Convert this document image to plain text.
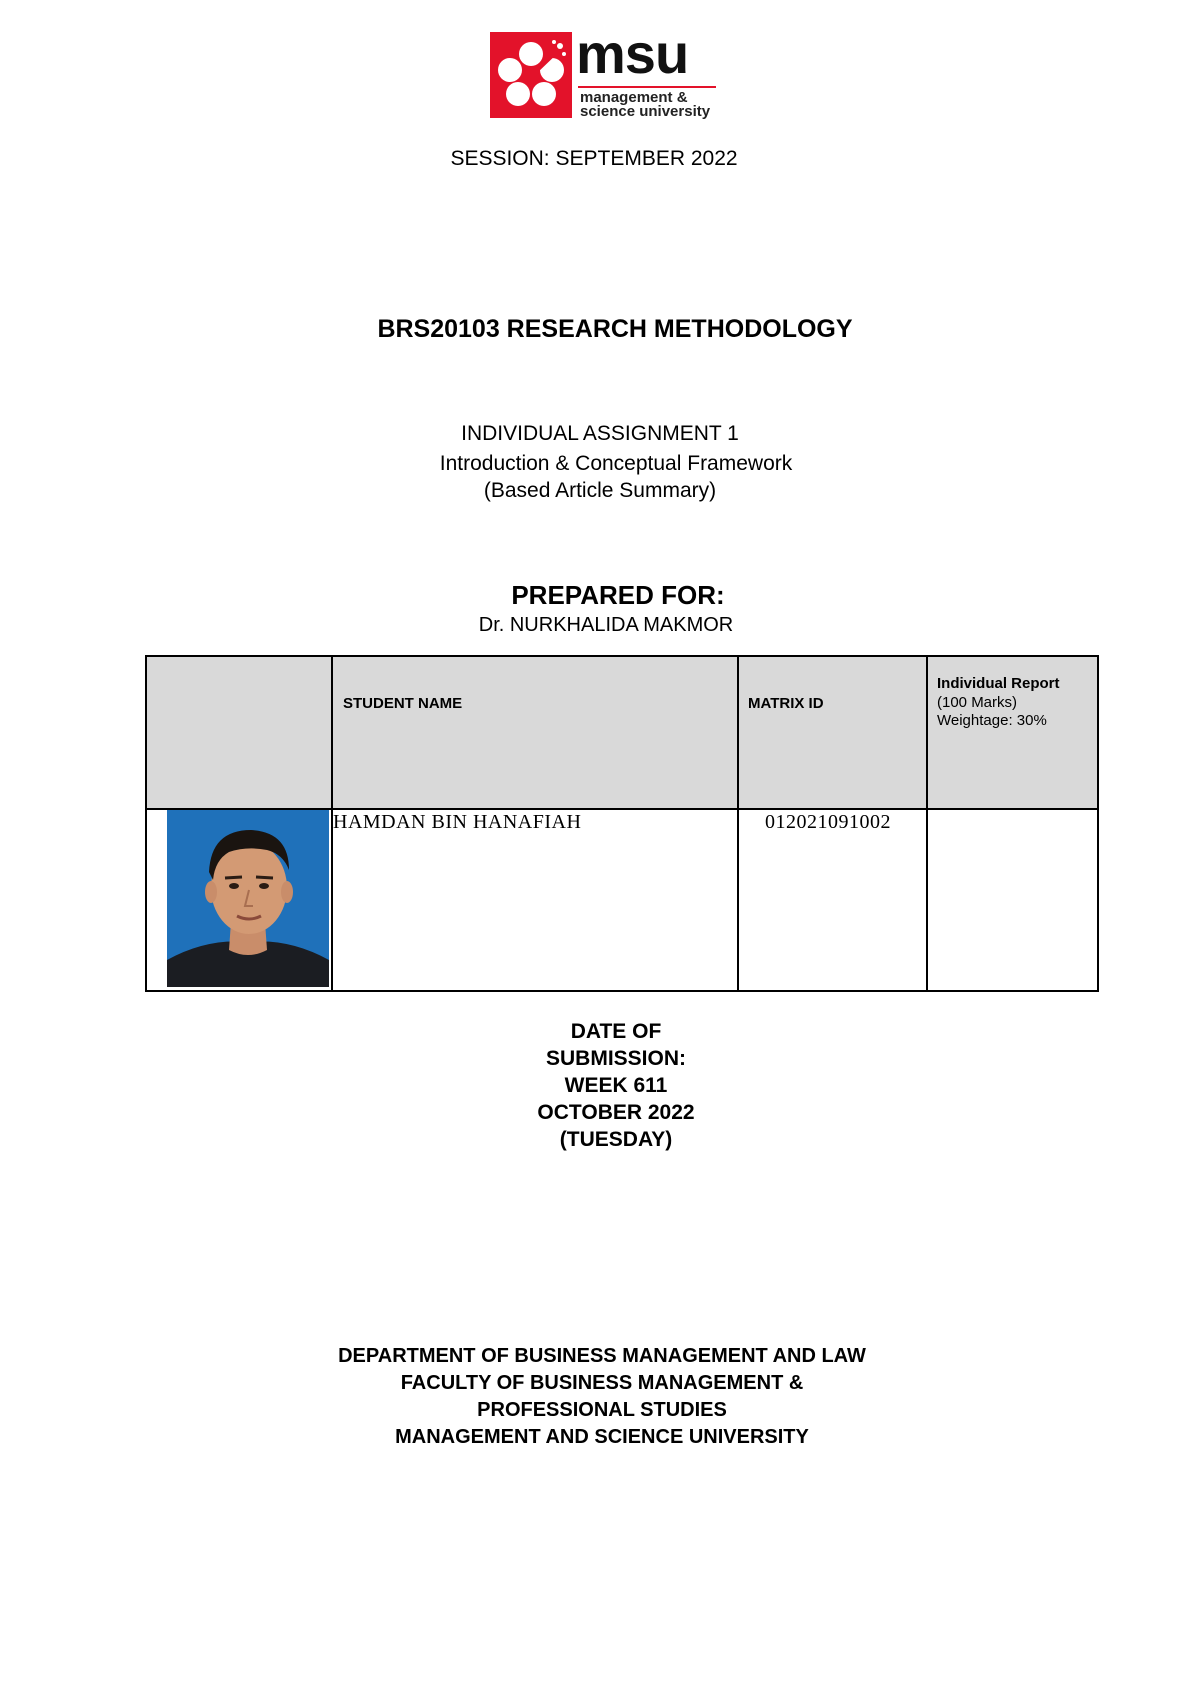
msu
management &
science university
SESSION: SEPTEMBER 2022
BRS20103 RESEARCH METHODOLOGY
INDIVIDUAL ASSIGNMENT 1
Introduction & Conceptual Framework
(Based Article Summary)
PREPARED FOR:
Dr. NURKHALIDA MAKMOR
STUDENT NAME	MATRIX ID
Individual Report
(100 Marks)
Weightage: 30%
HAMDAN BIN HANAFIAH	012021091002
DATE OF
SUBMISSION:
WEEK 611
OCTOBER 2022
(TUESDAY)
DEPARTMENT OF BUSINESS MANAGEMENT AND LAW
FACULTY OF BUSINESS MANAGEMENT &
PROFESSIONAL STUDIES
MANAGEMENT AND SCIENCE UNIVERSITY
